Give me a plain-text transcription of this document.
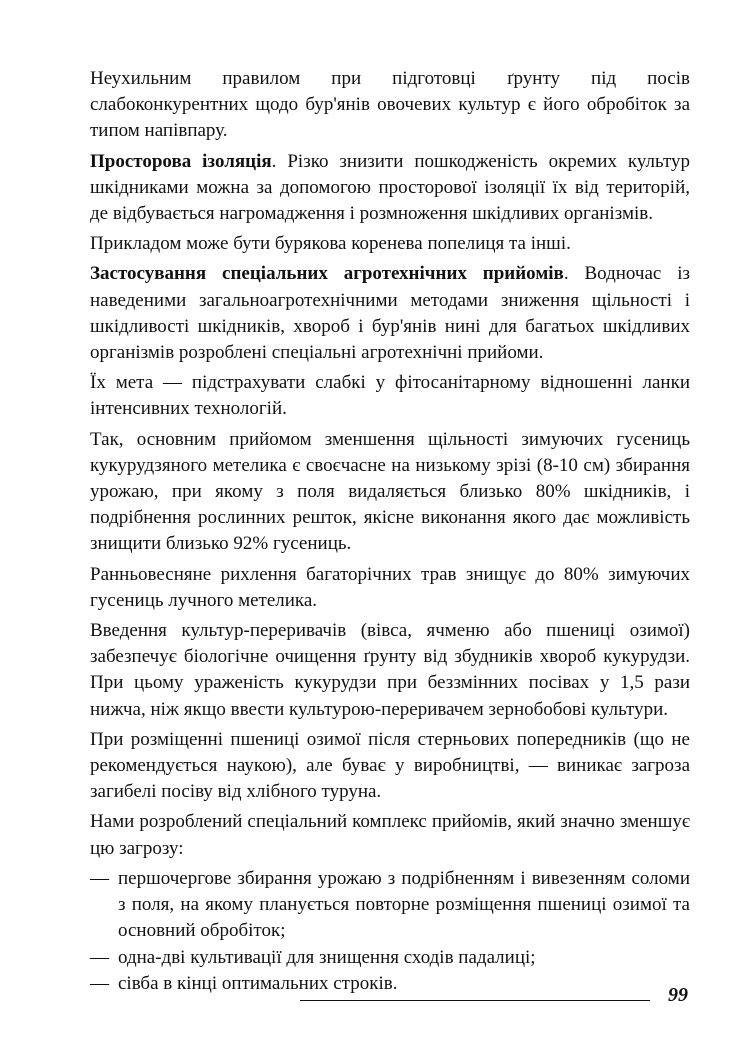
Неухильним правилом при підготовці ґрунту під посів слабоконкурентних щодо бур'янів овочевих культур є його обробіток за типом напівпару.

Просторова ізоляція. Різко знизити пошкодженість окремих культур шкідниками можна за допомогою просторової ізоляції їх від територій, де відбувається нагромадження і розмноження шкідливих організмів.

Прикладом може бути бурякова коренева попелиця та інші.

Застосування спеціальних агротехнічних прийомів. Водночас із наведеними загальноагротехнічними методами зниження щільності і шкідливості шкідників, хвороб і бур'янів нині для багатьох шкідливих організмів розроблені спеціальні агротехнічні прийоми.

Їх мета — підстрахувати слабкі у фітосанітарному відношенні ланки інтенсивних технологій.

Так, основним прийомом зменшення щільності зимуючих гусениць кукурудзяного метелика є своєчасне на низькому зрізі (8-10 см) збирання урожаю, при якому з поля видаляється близько 80% шкідників, і подрібнення рослинних решток, якісне виконання якого дає можливість знищити близько 92% гусениць.

Ранньовесняне рихлення багаторічних трав знищує до 80% зимуючих гусениць лучного метелика.

Введення культур-переривачів (вівса, ячменю або пшениці озимої) забезпечує біологічне очищення ґрунту від збудників хвороб кукурудзи. При цьому ураженість кукурудзи при беззмінних посівах у 1,5 рази нижча, ніж якщо ввести культурою-переривачем зернобобові культури.

При розміщенні пшениці озимої після стерньових попередників (що не рекомендується наукою), але буває у виробництві, — виникає загроза загибелі посіву від хлібного туруна.

Нами розроблений спеціальний комплекс прийомів, який значно зменшує цю загрозу:

— першочергове збирання урожаю з подрібненням і вивезенням соломи з поля, на якому планується повторне розміщення пшениці озимої та основний обробіток;
— одна-дві культивації для знищення сходів падалиці;
— сівба в кінці оптимальних строків.
99
